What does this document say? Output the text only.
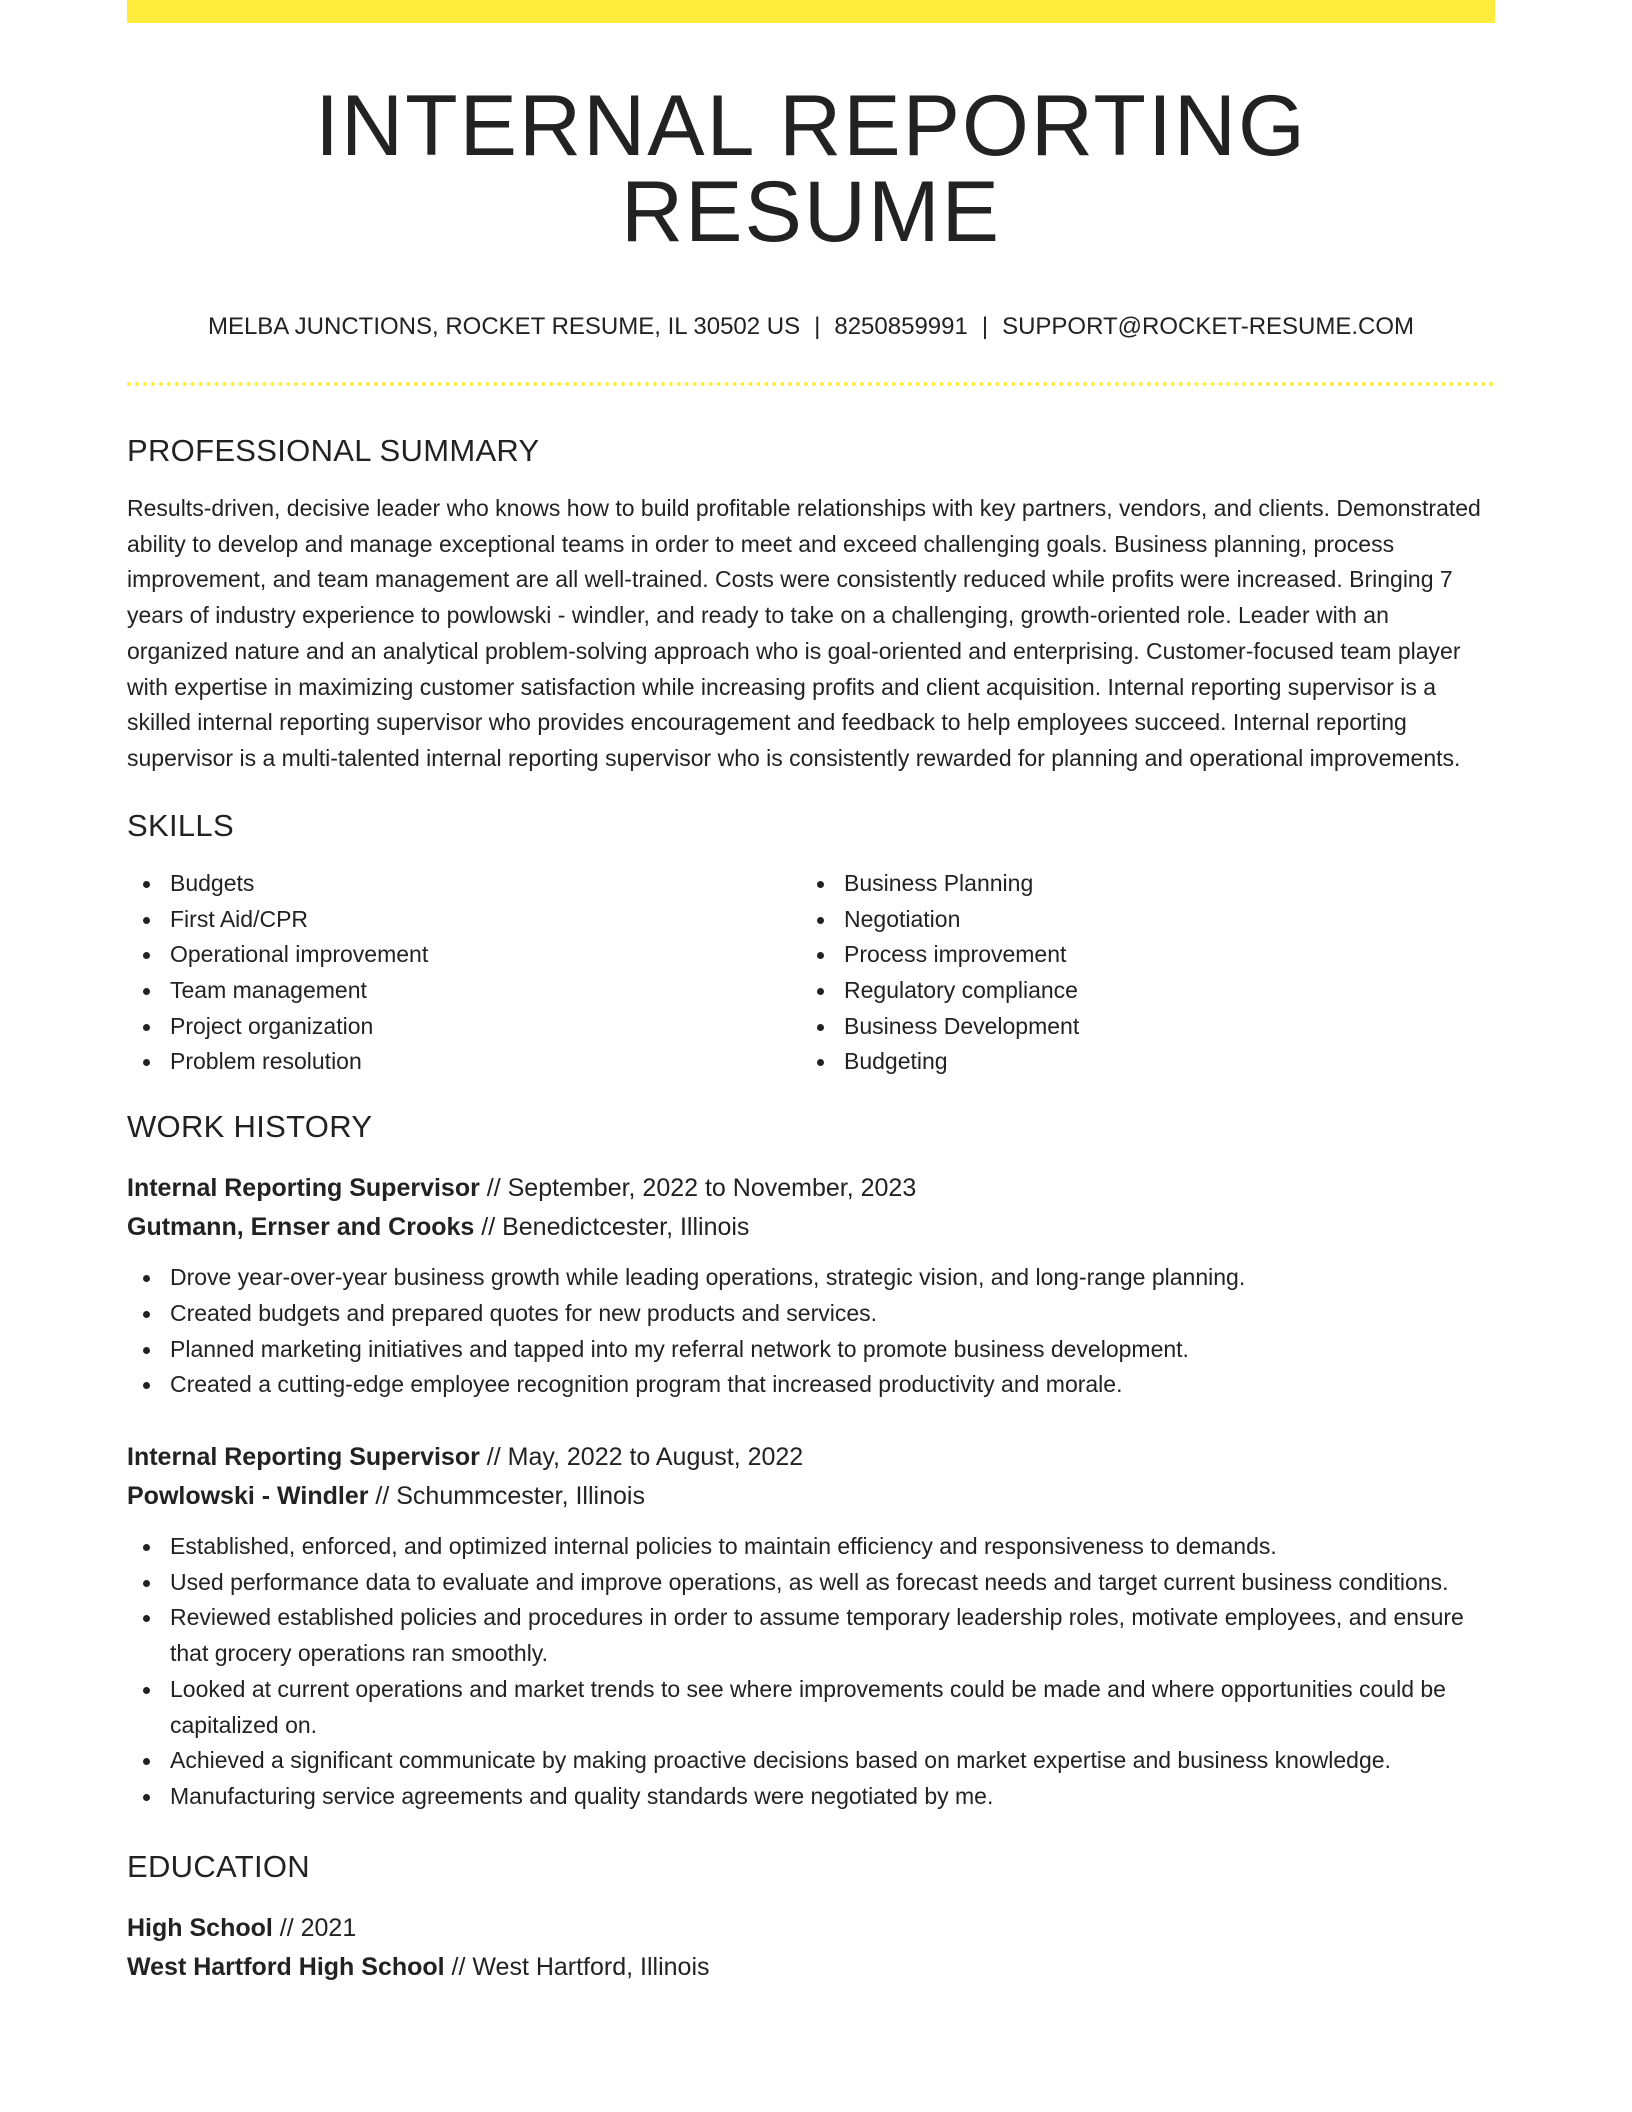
INTERNAL REPORTING RESUME
MELBA JUNCTIONS, ROCKET RESUME, IL 30502 US | 8250859991 | SUPPORT@ROCKET-RESUME.COM
PROFESSIONAL SUMMARY

Results-driven, decisive leader who knows how to build profitable relationships with key partners, vendors, and clients. Demonstrated ability to develop and manage exceptional teams in order to meet and exceed challenging goals. Business planning, process improvement, and team management are all well-trained. Costs were consistently reduced while profits were increased. Bringing 7 years of industry experience to powlowski - windler, and ready to take on a challenging, growth-oriented role. Leader with an organized nature and an analytical problem-solving approach who is goal-oriented and enterprising. Customer-focused team player with expertise in maximizing customer satisfaction while increasing profits and client acquisition. Internal reporting supervisor is a skilled internal reporting supervisor who provides encouragement and feedback to help employees succeed. Internal reporting supervisor is a multi-talented internal reporting supervisor who is consistently rewarded for planning and operational improvements.

SKILLS
Budgets
First Aid/CPR
Operational improvement
Team management
Project organization
Problem resolution
Business Planning
Negotiation
Process improvement
Regulatory compliance
Business Development
Budgeting
WORK HISTORY
Internal Reporting Supervisor // September, 2022 to November, 2023
Gutmann, Ernser and Crooks // Benedictcester, Illinois
Drove year-over-year business growth while leading operations, strategic vision, and long-range planning.
Created budgets and prepared quotes for new products and services.
Planned marketing initiatives and tapped into my referral network to promote business development.
Created a cutting-edge employee recognition program that increased productivity and morale.
Internal Reporting Supervisor // May, 2022 to August, 2022
Powlowski - Windler // Schummcester, Illinois
Established, enforced, and optimized internal policies to maintain efficiency and responsiveness to demands.
Used performance data to evaluate and improve operations, as well as forecast needs and target current business conditions.
Reviewed established policies and procedures in order to assume temporary leadership roles, motivate employees, and ensure that grocery operations ran smoothly.
Looked at current operations and market trends to see where improvements could be made and where opportunities could be capitalized on.
Achieved a significant communicate by making proactive decisions based on market expertise and business knowledge.
Manufacturing service agreements and quality standards were negotiated by me.
EDUCATION
High School // 2021
West Hartford High School // West Hartford, Illinois
